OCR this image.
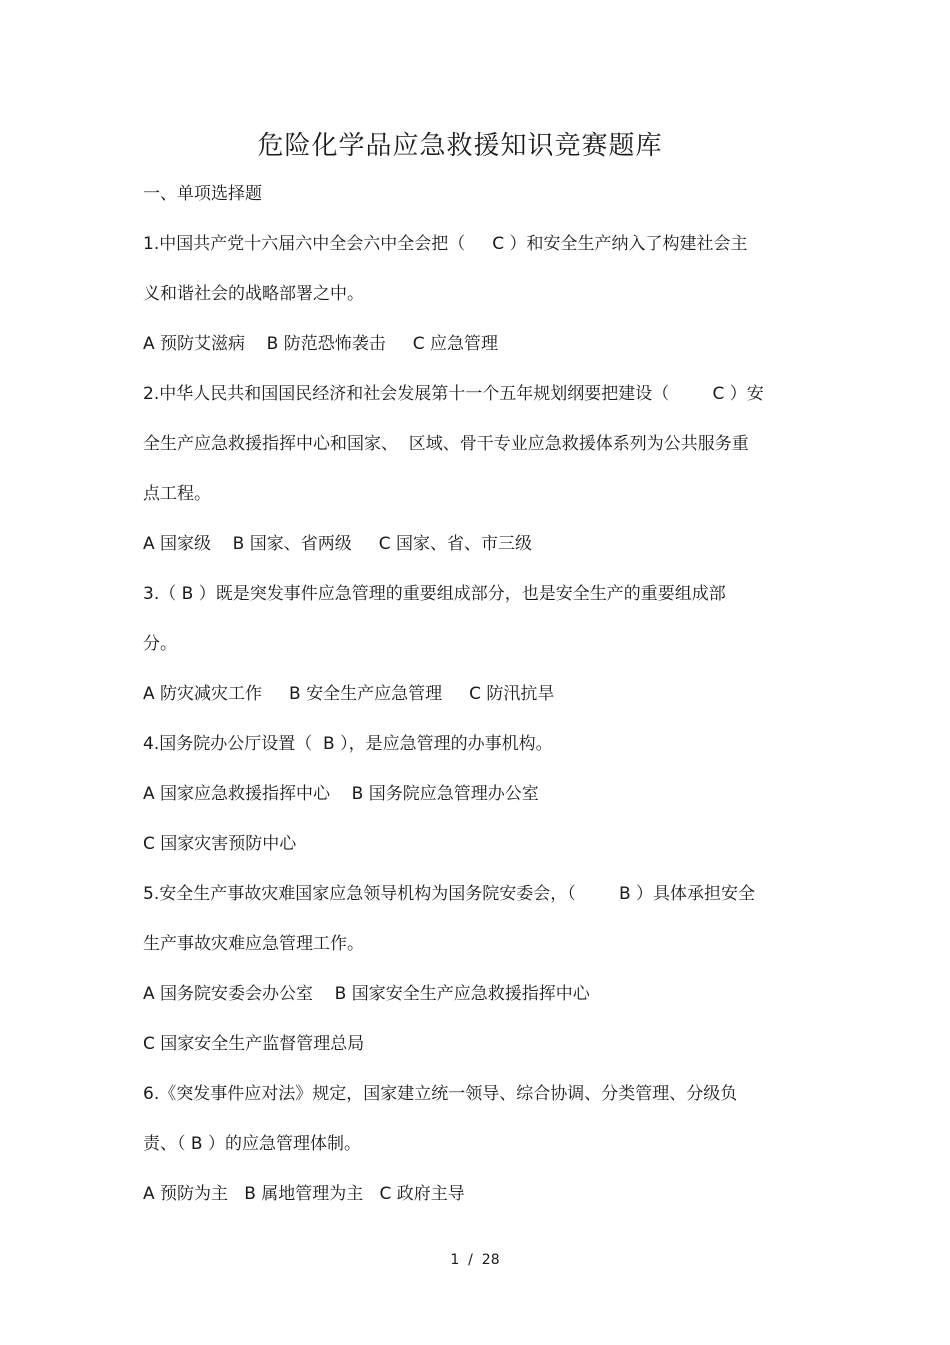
危险化学品应急救援知识竞赛题库
一、单项选择题
1.中国共产党十六届六中全会六中全会把（     C ）和安全生产纳入了构建社会主
义和谐社会的战略部署之中。
A 预防艾滋病    B 防范恐怖袭击     C 应急管理
2.中华人民共和国国民经济和社会发展第十一个五年规划纲要把建设（        C ）安
全生产应急救援指挥中心和国家、  区域、骨干专业应急救援体系列为公共服务重
点工程。
A 国家级    B 国家、省两级     C 国家、省、市三级
3.（ B ）既是突发事件应急管理的重要组成部分，也是安全生产的重要组成部
分。
A 防灾减灾工作     B 安全生产应急管理     C 防汛抗旱
4.国务院办公厅设置（  B ），是应急管理的办事机构。
A 国家应急救援指挥中心    B 国务院应急管理办公室
C 国家灾害预防中心
5.安全生产事故灾难国家应急领导机构为国务院安委会，（        B ）具体承担安全
生产事故灾难应急管理工作。
A 国务院安委会办公室    B 国家安全生产应急救援指挥中心
C 国家安全生产监督管理总局
6.《突发事件应对法》规定，国家建立统一领导、综合协调、分类管理、分级负
责、（ B ）的应急管理体制。
A 预防为主   B 属地管理为主   C 政府主导
1  /  28
